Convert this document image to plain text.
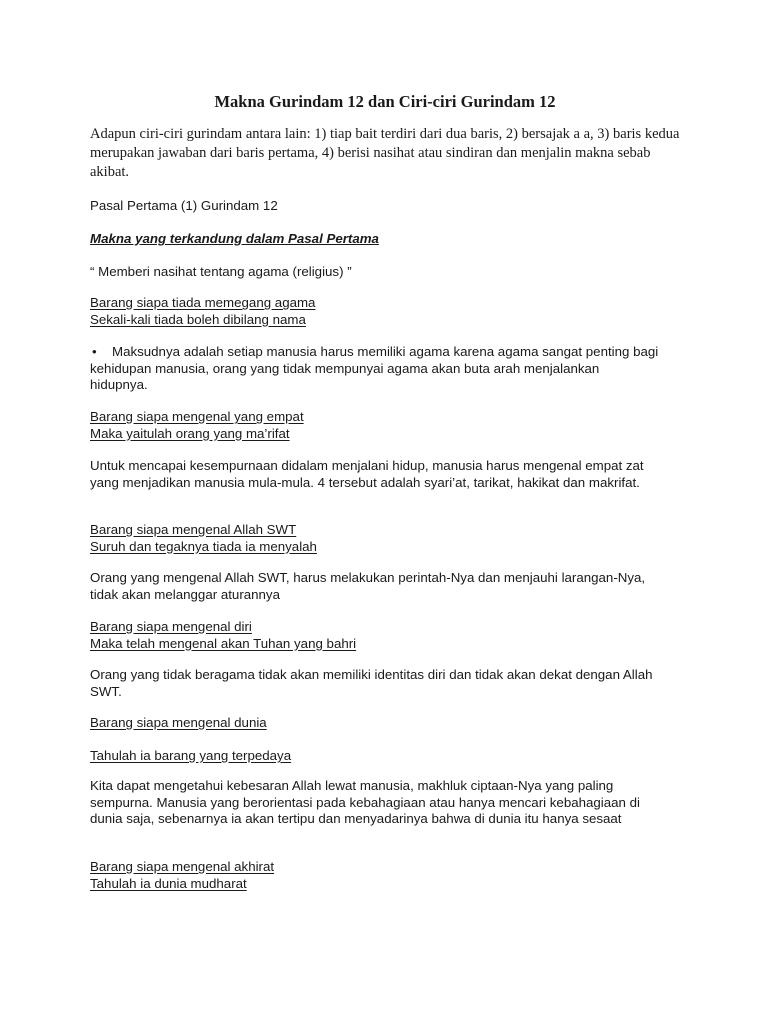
Makna Gurindam 12 dan Ciri-ciri Gurindam 12
Adapun ciri-ciri gurindam antara lain: 1) tiap bait terdiri dari dua baris, 2) bersajak a a, 3) baris kedua merupakan jawaban dari baris pertama, 4) berisi nasihat atau sindiran dan menjalin makna sebab akibat.
Pasal Pertama (1) Gurindam 12
Makna yang terkandung dalam Pasal Pertama
“ Memberi nasihat tentang agama (religius) ”
Barang siapa tiada memegang agama
Sekali-kali tiada boleh dibilang nama
•	Maksudnya adalah setiap manusia harus memiliki agama karena agama sangat penting bagi kehidupan manusia, orang yang tidak mempunyai agama akan buta arah menjalankan hidupnya.
Barang siapa mengenal yang empat
Maka yaitulah orang yang ma’rifat
Untuk mencapai kesempurnaan didalam menjalani hidup, manusia harus mengenal empat zat yang menjadikan manusia mula-mula. 4 tersebut adalah syari’at, tarikat, hakikat dan makrifat.
Barang siapa mengenal Allah SWT
Suruh dan tegaknya tiada ia menyalah
Orang yang mengenal Allah SWT, harus melakukan perintah-Nya dan menjauhi larangan-Nya, tidak akan melanggar aturannya
Barang siapa mengenal diri
Maka telah mengenal akan Tuhan yang bahri
Orang yang tidak beragama tidak akan memiliki identitas diri dan tidak akan dekat dengan Allah SWT.
Barang siapa mengenal dunia
Tahulah ia barang yang terpedaya
Kita dapat mengetahui kebesaran Allah lewat manusia, makhluk ciptaan-Nya yang paling sempurna. Manusia yang berorientasi pada kebahagiaan atau hanya mencari kebahagiaan di dunia saja, sebenarnya ia akan tertipu dan menyadarinya bahwa di dunia itu hanya sesaat
Barang siapa mengenal akhirat
Tahulah ia dunia mudharat
